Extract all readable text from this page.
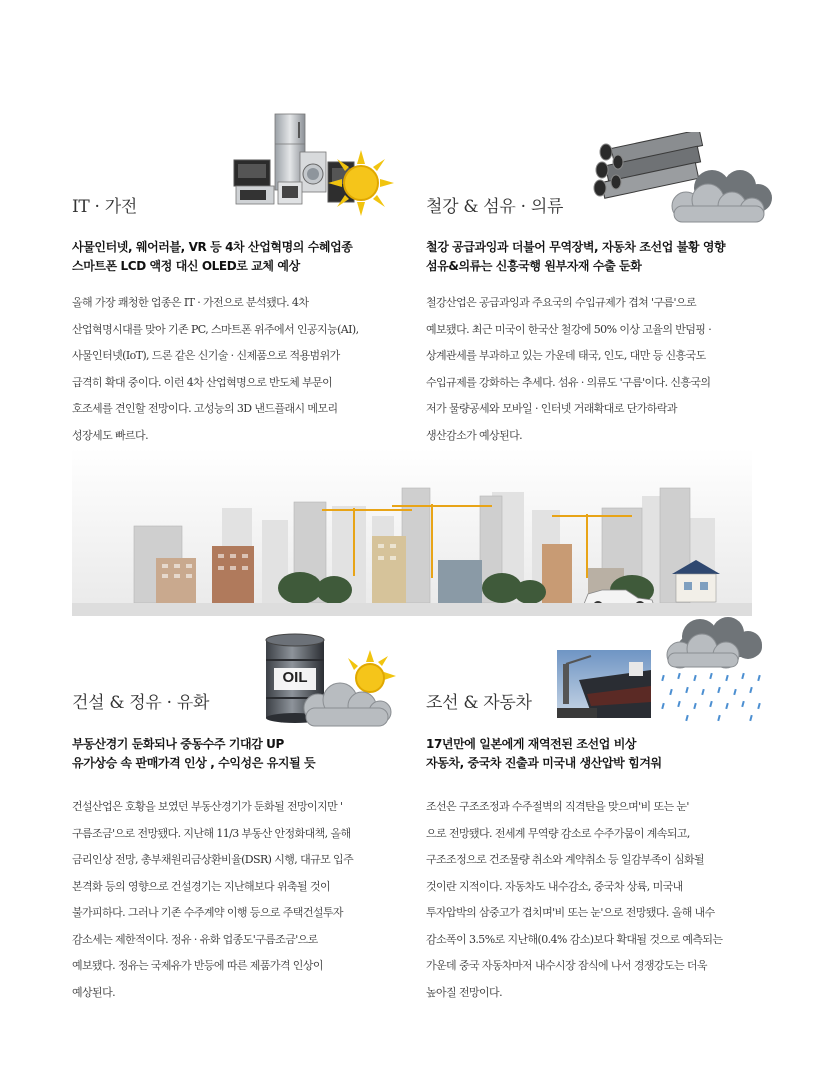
IT · 가전
사물인터넷, 웨어러블, VR 등 4차 산업혁명의 수혜업종
스마트폰 LCD 액정 대신 OLED로 교체 예상
올해 가장 쾌청한 업종은 IT · 가전으로 분석됐다. 4차
산업혁명시대를 맞아 기존 PC, 스마트폰 위주에서 인공지능(AI),
사물인터넷(IoT), 드론 같은 신기술 · 신제품으로 적용범위가
급격히 확대 중이다. 이런 4차 산업혁명으로 반도체 부문이
호조세를 견인할 전망이다. 고성능의 3D 낸드플래시 메모리
성장세도 빠르다.
철강 & 섬유 · 의류
철강 공급과잉과 더불어 무역장벽, 자동차 조선업 불황 영향
섬유&의류는 신흥국행 원부자재 수출 둔화
철강산업은 공급과잉과 주요국의 수입규제가 겹쳐 '구름'으로
예보됐다. 최근 미국이 한국산 철강에 50% 이상 고율의 반덤핑 ·
상계관세를 부과하고 있는 가운데 태국, 인도, 대만 등 신흥국도
수입규제를 강화하는 추세다. 섬유 · 의류도 '구름'이다. 신흥국의
저가 물량공세와 모바일 · 인터넷 거래확대로 단가하락과
생산감소가 예상된다.
OIL
건설 & 정유 · 유화
부동산경기 둔화되나 중동수주 기대감 UP
유가상승 속 판매가격 인상 , 수익성은 유지될 듯
건설산업은 호황을 보였던 부동산경기가 둔화될 전망이지만 '
구름조금'으로 전망됐다. 지난해 11/3 부동산 안정화대책, 올해
금리인상 전망, 총부채원리금상환비율(DSR) 시행, 대규모 입주
본격화 등의 영향으로 건설경기는 지난해보다 위축될 것이
불가피하다. 그러나 기존 수주계약 이행 등으로 주택건설투자
감소세는 제한적이다. 정유 · 유화 업종도'구름조금'으로
예보됐다. 정유는 국제유가 반등에 따른 제품가격 인상이
예상된다.
조선 & 자동차
17년만에 일본에게 재역전된 조선업 비상
자동차, 중국차 진출과 미국내 생산압박 힘겨워
조선은 구조조정과 수주절벽의 직격탄을 맞으며'비 또는 눈'
으로 전망됐다. 전세계 무역량 감소로 수주가뭄이 계속되고,
구조조정으로 건조물량 취소와 계약취소 등 일감부족이 심화될
것이란 지적이다. 자동차도 내수감소, 중국차 상륙, 미국내
투자압박의 삼중고가 겹치며'비 또는 눈'으로 전망됐다. 올해 내수
감소폭이 3.5%로 지난해(0.4% 감소)보다 확대될 것으로 예측되는
가운데 중국 자동차마저 내수시장 잠식에 나서 경쟁강도는 더욱
높아질 전망이다.
